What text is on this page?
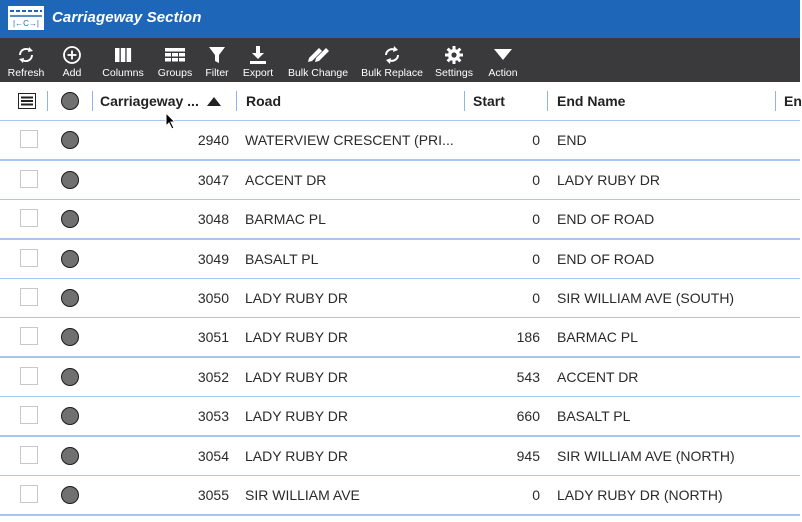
|←C→| Carriageway Section
Refresh Add Columns Groups Filter Export Bulk Change Bulk Replace Settings Action
Carriageway ...	Road	Start	End Name	En
2940 WATERVIEW CRESCENT (PRI...	0 END
3047 ACCENT DR	0 LADY RUBY DR
3048 BARMAC PL	0 END OF ROAD
3049 BASALT PL	0 END OF ROAD
3050 LADY RUBY DR	0 SIR WILLIAM AVE (SOUTH)
3051 LADY RUBY DR	186 BARMAC PL
3052 LADY RUBY DR	543 ACCENT DR
3053 LADY RUBY DR	660 BASALT PL
3054 LADY RUBY DR	945 SIR WILLIAM AVE (NORTH)
3055 SIR WILLIAM AVE	0 LADY RUBY DR (NORTH)
